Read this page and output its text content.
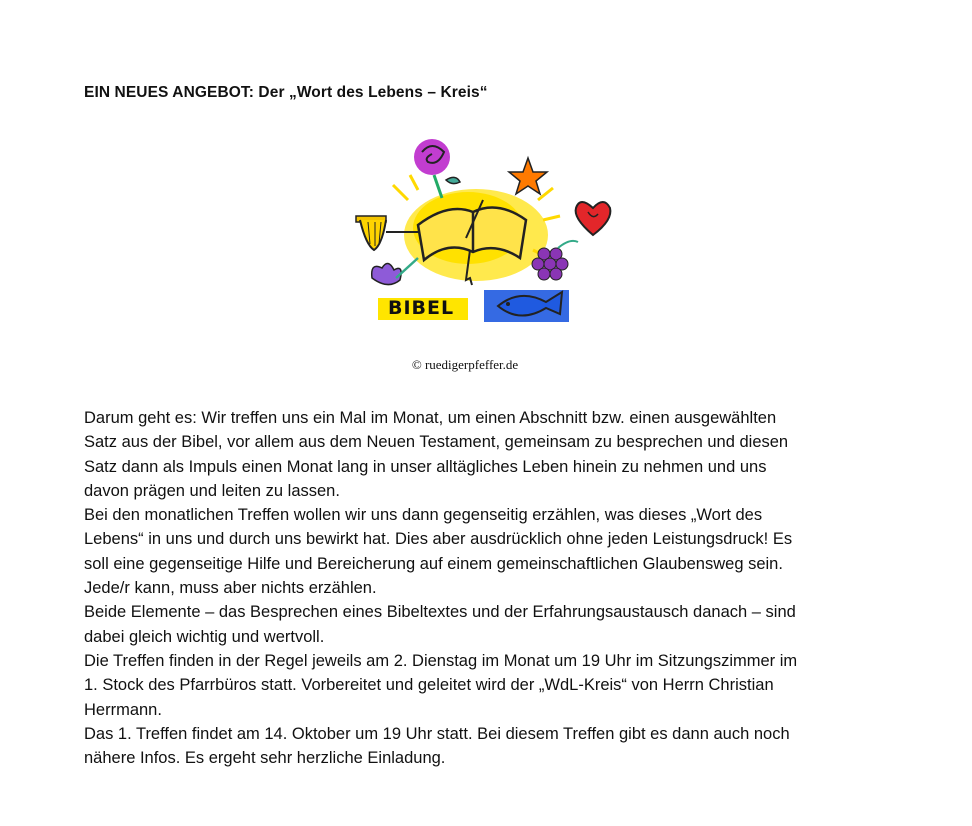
EIN NEUES ANGEBOT: Der „Wort des Lebens – Kreis“
BIBEL
© ruedigerpfeffer.de

Darum geht es: Wir treffen uns ein Mal im Monat, um einen Abschnitt bzw. einen ausgewählten
Satz aus der Bibel, vor allem aus dem Neuen Testament, gemeinsam zu besprechen und diesen
Satz dann als Impuls einen Monat lang in unser alltägliches Leben hinein zu nehmen und uns
davon prägen und leiten zu lassen.

Bei den monatlichen Treffen wollen wir uns dann gegenseitig erzählen, was dieses „Wort des
Lebens“ in uns und durch uns bewirkt hat. Dies aber ausdrücklich ohne jeden Leistungsdruck! Es
soll eine gegenseitige Hilfe und Bereicherung auf einem gemeinschaftlichen Glaubensweg sein.
Jede/r kann, muss aber nichts erzählen.

Beide Elemente – das Besprechen eines Bibeltextes und der Erfahrungsaustausch danach – sind
dabei gleich wichtig und wertvoll.

Die Treffen finden in der Regel jeweils am 2. Dienstag im Monat um 19 Uhr im Sitzungszimmer im
1. Stock des Pfarrbüros statt. Vorbereitet und geleitet wird der „WdL-Kreis“ von Herrn Christian
Herrmann.

Das 1. Treffen findet am 14. Oktober um 19 Uhr statt. Bei diesem Treffen gibt es dann auch noch
nähere Infos. Es ergeht sehr herzliche Einladung.
